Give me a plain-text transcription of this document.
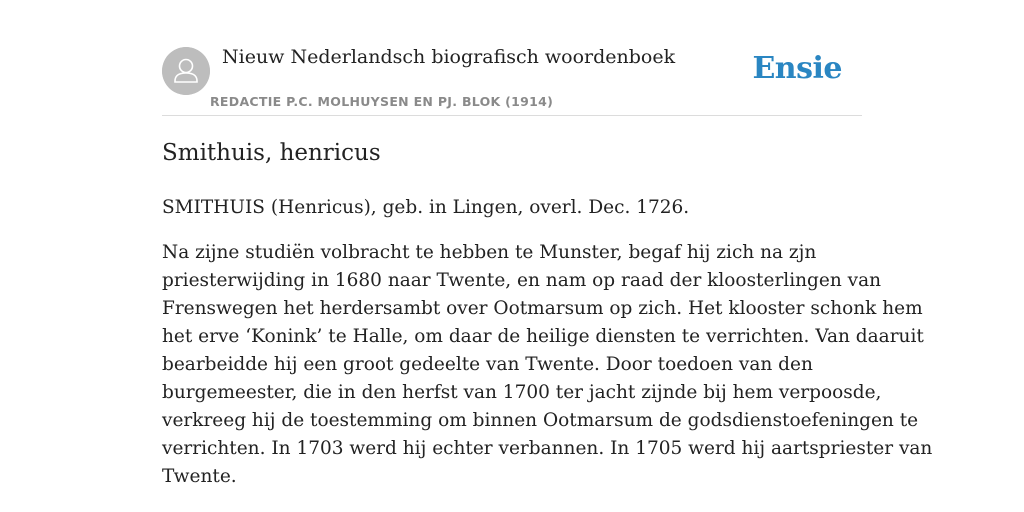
Nieuw Nederlandsch biografisch woordenboek
REDACTIE P.C. MOLHUYSEN EN PJ. BLOK (1914)
Ensie
Smithuis, henricus

SMITHUIS (Henricus), geb. in Lingen, overl. Dec. 1726.

Na zijne studiën volbracht te hebben te Munster, begaf hij zich na zjn
priesterwijding in 1680 naar Twente, en nam op raad der kloosterlingen van
Frenswegen het herdersambt over Ootmarsum op zich. Het klooster schonk hem
het erve ‘Konink’ te Halle, om daar de heilige diensten te verrichten. Van daaruit
bearbeidde hij een groot gedeelte van Twente. Door toedoen van den
burgemeester, die in den herfst van 1700 ter jacht zijnde bij hem verpoosde,
verkreeg hij de toestemming om binnen Ootmarsum de godsdienstoefeningen te
verrichten. In 1703 werd hij echter verbannen. In 1705 werd hij aartspriester van
Twente.
